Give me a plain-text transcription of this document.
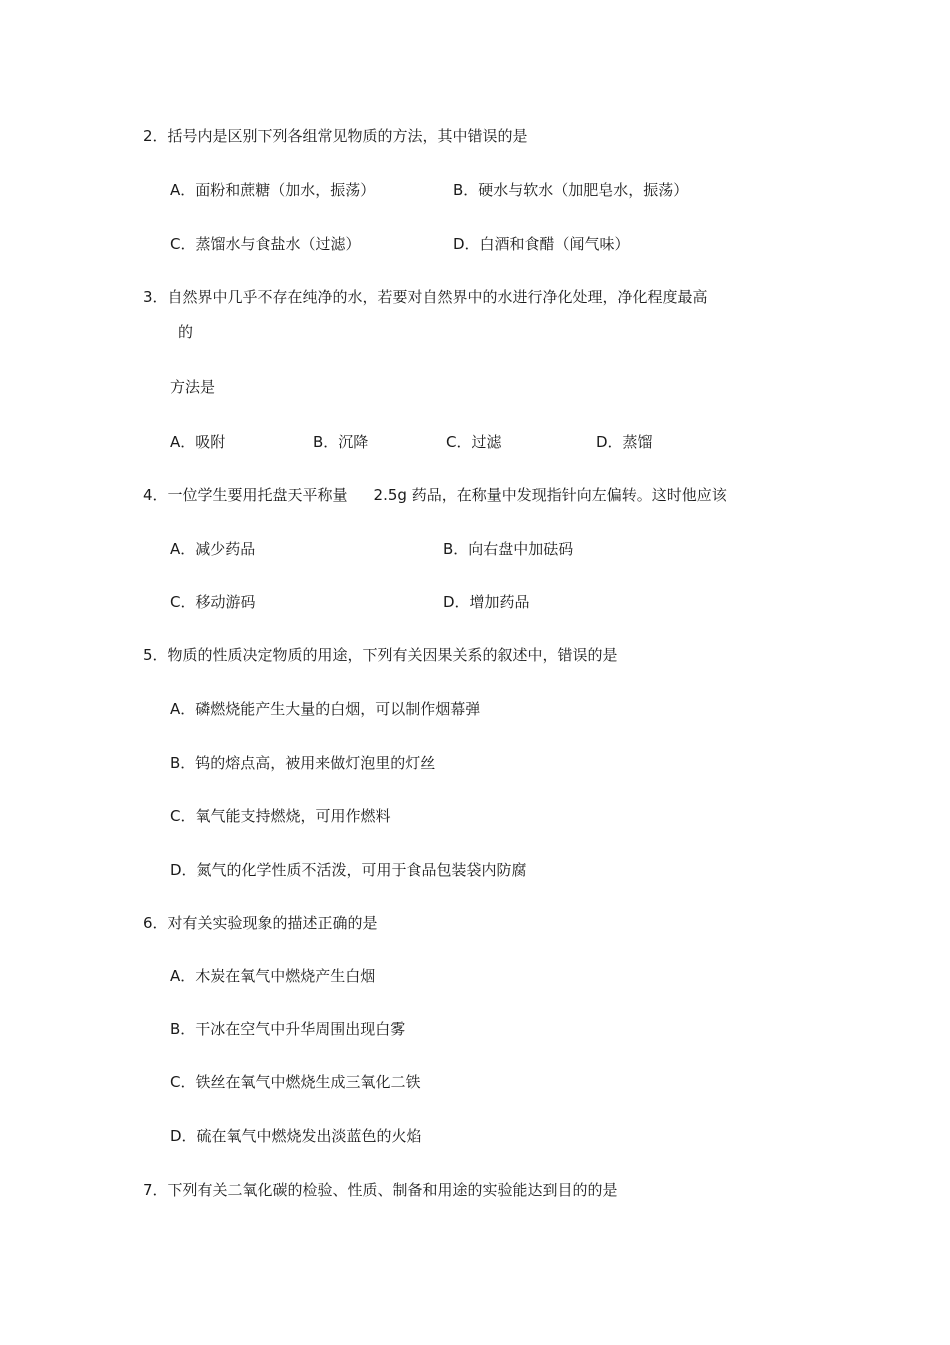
2．括号内是区别下列各组常见物质的方法，其中错误的是
A．面粉和蔗糖（加水，振荡）	B．硬水与软水（加肥皂水，振荡）
C．蒸馏水与食盐水（过滤）	D．白酒和食醋（闻气味）
3．自然界中几乎不存在纯净的水，若要对自然界中的水进行净化处理，净化程度最高
的
方法是
A．吸附	B．沉降	C．过滤	D．蒸馏
4．一位学生要用托盘天平称量 2.5g 药品，在称量中发现指针向左偏转。这时他应该
A．减少药品	B．向右盘中加砝码
C．移动游码	D．增加药品
5．物质的性质决定物质的用途，下列有关因果关系的叙述中，错误的是
A．磷燃烧能产生大量的白烟，可以制作烟幕弹
B．钨的熔点高，被用来做灯泡里的灯丝
C．氧气能支持燃烧，可用作燃料
D．氮气的化学性质不活泼，可用于食品包装袋内防腐
6．对有关实验现象的描述正确的是
A．木炭在氧气中燃烧产生白烟
B．干冰在空气中升华周围出现白雾
C．铁丝在氧气中燃烧生成三氧化二铁
D．硫在氧气中燃烧发出淡蓝色的火焰
7．下列有关二氧化碳的检验、性质、制备和用途的实验能达到目的的是
